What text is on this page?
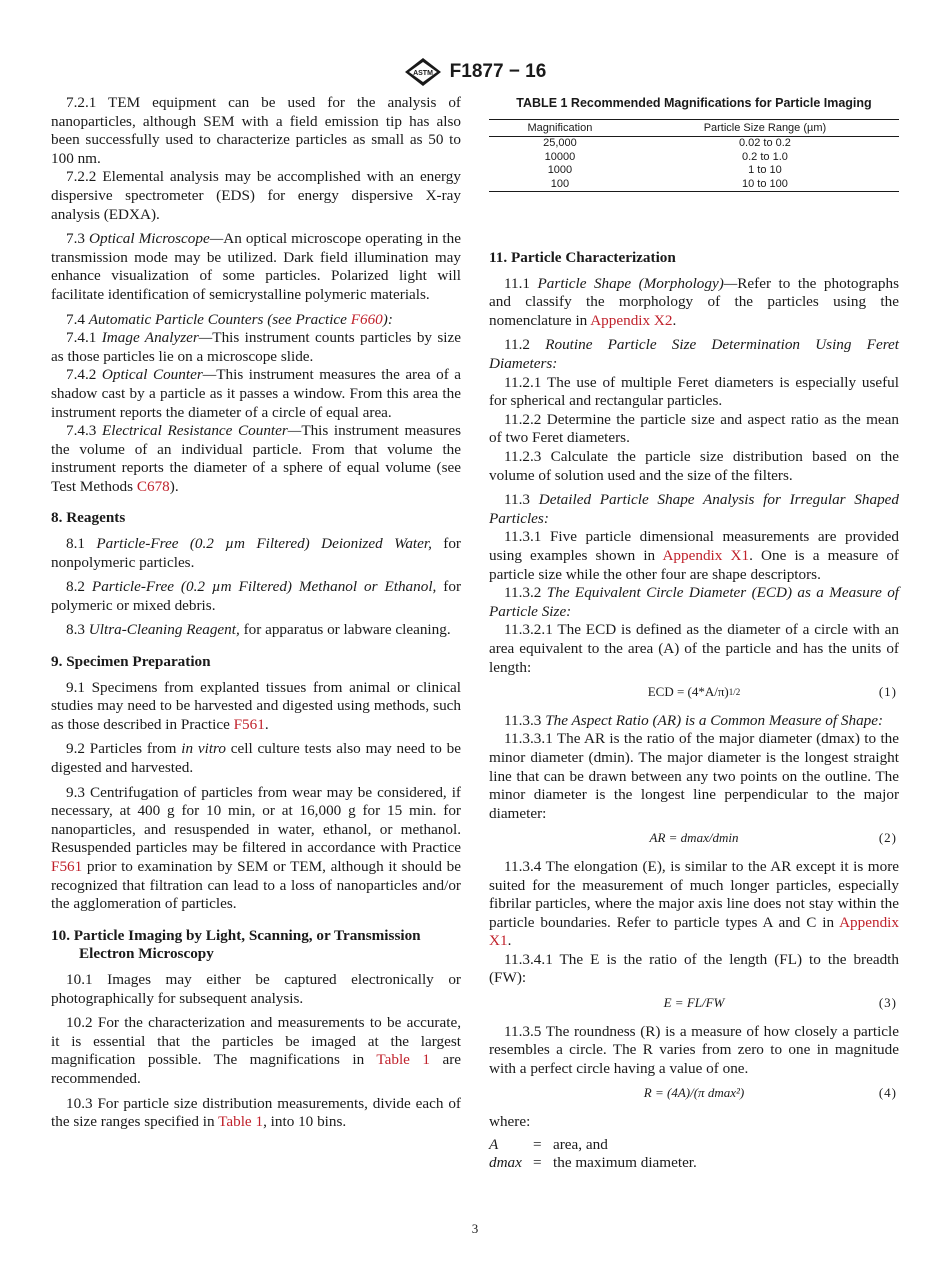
ASTM F1877 − 16

7.2.1 TEM equipment can be used for the analysis of nanoparticles, although SEM with a field emission tip has also been successfully used to characterize particles as small as 50 to 100 nm.

7.2.2 Elemental analysis may be accomplished with an energy dispersive spectrometer (EDS) for energy dispersive X-ray analysis (EDXA).

7.3 Optical Microscope—An optical microscope operating in the transmission mode may be utilized. Dark field illumination may enhance visualization of some particles. Polarized light will facilitate identification of semicrystalline polymeric materials.

7.4 Automatic Particle Counters (see Practice F660):

7.4.1 Image Analyzer—This instrument counts particles by size as those particles lie on a microscope slide.

7.4.2 Optical Counter—This instrument measures the area of a shadow cast by a particle as it passes a window. From this area the instrument reports the diameter of a circle of equal area.

7.4.3 Electrical Resistance Counter—This instrument measures the volume of an individual particle. From that volume the instrument reports the diameter of a sphere of equal volume (see Test Methods C678).

8. Reagents

8.1 Particle-Free (0.2 µm Filtered) Deionized Water, for nonpolymeric particles.

8.2 Particle-Free (0.2 µm Filtered) Methanol or Ethanol, for polymeric or mixed debris.

8.3 Ultra-Cleaning Reagent, for apparatus or labware cleaning.

9. Specimen Preparation

9.1 Specimens from explanted tissues from animal or clinical studies may need to be harvested and digested using methods, such as those described in Practice F561.

9.2 Particles from in vitro cell culture tests also may need to be digested and harvested.

9.3 Centrifugation of particles from wear may be considered, if necessary, at 400 g for 10 min, or at 16,000 g for 15 min. for nanoparticles, and resuspended in water, ethanol, or methanol. Resuspended particles may be filtered in accordance with Practice F561 prior to examination by SEM or TEM, although it should be recognized that filtration can lead to a loss of nanoparticles and/or the agglomeration of particles.

10. Particle Imaging by Light, Scanning, or Transmission Electron Microscopy

10.1 Images may either be captured electronically or photographically for subsequent analysis.

10.2 For the characterization and measurements to be accurate, it is essential that the particles be imaged at the largest magnification possible. The magnifications in Table 1 are recommended.

10.3 For particle size distribution measurements, divide each of the size ranges specified in Table 1, into 10 bins.

TABLE 1 Recommended Magnifications for Particle Imaging
Magnification	Particle Size Range (µm)
25,000	0.02 to 0.2
10000	0.2 to 1.0
1000	1 to 10
100	10 to 100
11. Particle Characterization

11.1 Particle Shape (Morphology)—Refer to the photographs and classify the morphology of the particles using the nomenclature in Appendix X2.

11.2 Routine Particle Size Determination Using Feret Diameters:

11.2.1 The use of multiple Feret diameters is especially useful for spherical and rectangular particles.

11.2.2 Determine the particle size and aspect ratio as the mean of two Feret diameters.

11.2.3 Calculate the particle size distribution based on the volume of solution used and the size of the filters.

11.3 Detailed Particle Shape Analysis for Irregular Shaped Particles:

11.3.1 Five particle dimensional measurements are provided using examples shown in Appendix X1. One is a measure of particle size while the other four are shape descriptors.

11.3.2 The Equivalent Circle Diameter (ECD) as a Measure of Particle Size:

11.3.2.1 The ECD is defined as the diameter of a circle with an area equivalent to the area (A) of the particle and has the units of length:

ECD = (4*A/π) 1/2	(1)

11.3.3 The Aspect Ratio (AR) is a Common Measure of Shape:

11.3.3.1 The AR is the ratio of the major diameter (dmax) to the minor diameter (dmin). The major diameter is the longest straight line that can be drawn between any two points on the outline. The minor diameter is the longest line perpendicular to the major diameter:

AR = dmax/dmin	(2)

11.3.4 The elongation (E), is similar to the AR except it is more suited for the measurement of much longer particles, especially fibrilar particles, where the major axis line does not stay within the particle boundaries. Refer to particle types A and C in Appendix X1.

11.3.4.1 The E is the ratio of the length (FL) to the breadth (FW):

E = FL/FW	(3)

11.3.5 The roundness (R) is a measure of how closely a particle resembles a circle. The R varies from zero to one in magnitude with a perfect circle having a value of one.

R = (4A)/(π dmax²)	(4)

where:

A	= area, and
dmax = the maximum diameter.
3
